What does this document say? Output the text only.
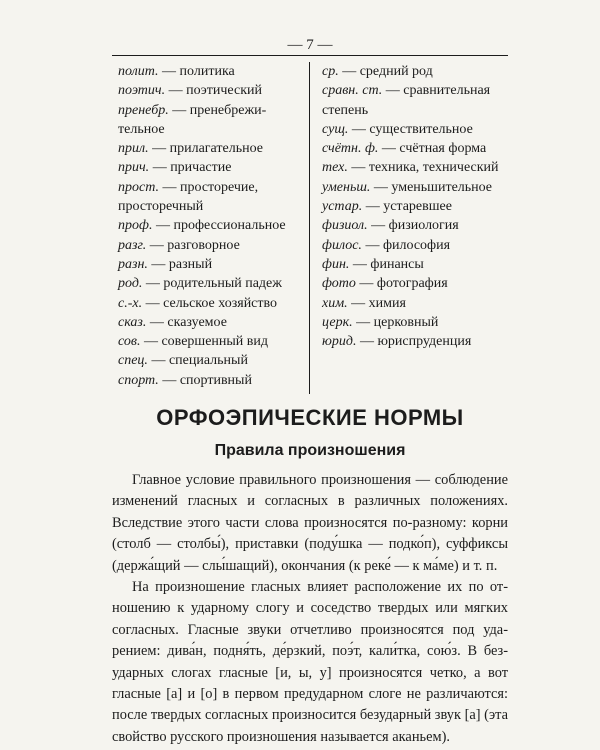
— 7 —

полит. — политика

поэтич. — поэтический

пренебр. — пренебрежительное

прил. — прилагательное

прич. — причастие

прост. — просторечие, просторечный

проф. — профессиональное

разг. — разговорное

разн. — разный

род. — родительный падеж

с.-х. — сельское хозяйство

сказ. — сказуемое

сов. — совершенный вид

спец. — специальный

спорт. — спортивный

ср. — средний род

сравн. ст. — сравнительная степень

сущ. — существительное

счётн. ф. — счётная форма

тех. — техника, технический

уменьш. — уменьшительное

устар. — устаревшее

физиол. — физиология

филос. — философия

фин. — финансы

фото — фотография

хим. — химия

церк. — церковный

юрид. — юриспруденция

ОРФОЭПИЧЕСКИЕ НОРМЫ
Правила произношения

Главное условие правильного произношения — соблюдение изменений гласных и согласных в различных положениях. Вследствие этого части слова произносятся по-разному: корни (столб — столбы́), приставки (поду́шка — подко́п), суффиксы (держа́щий — слы́шащий), окончания (к реке́ — к ма́ме) и т. п.

На произношение гласных влияет расположение их по отношению к ударному слогу и соседство твердых или мягких согласных. Гласные звуки отчетливо произносятся под ударением: дива́н, подня́ть, де́рзкий, поэ́т, кали́тка, сою́з. В безударных слогах гласные [и, ы, у] произносятся четко, а вот гласные [а] и [о] в первом предударном слоге не различаются: после твердых согласных произносится безударный звук [а] (эта свойство русского произношения называется аканьем).
